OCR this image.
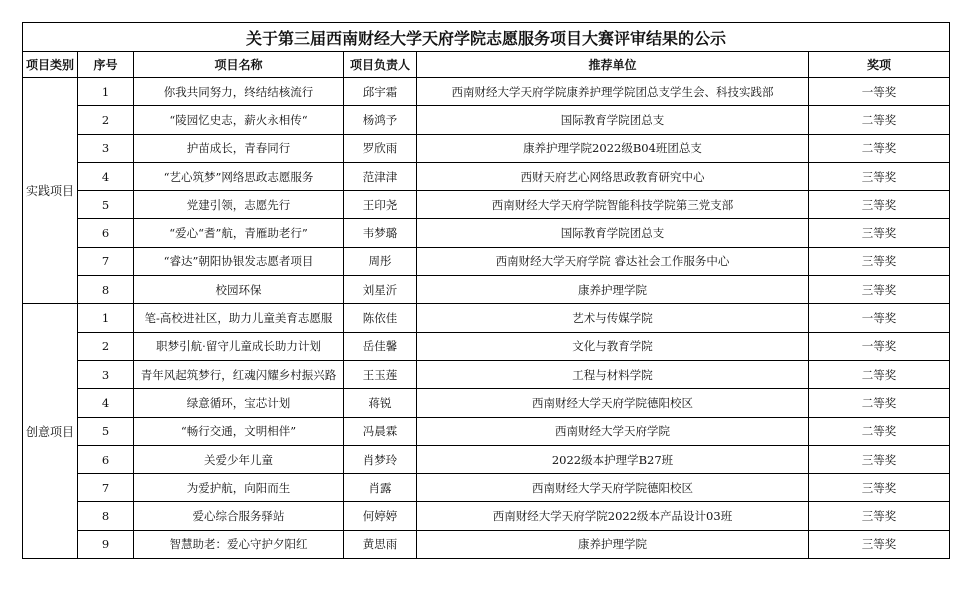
关于第三届西南财经大学天府学院志愿服务项目大赛评审结果的公示					
项目类别	序号	项目名称	项目负责人	推荐单位	奖项
实践项目	1	你我共同努力，终结结核流行	邱宇霜	西南财经大学天府学院康养护理学院团总支学生会、科技实践部	一等奖
	2	“陵园忆史志，薪火永相传“	杨鸿予	国际教育学院团总支	二等奖
	3	护苗成长，青春同行	罗欣雨	康养护理学院2022级B04班团总支	二等奖
	4	“艺心筑梦”网络思政志愿服务	范津津	西财天府艺心网络思政教育研究中心	三等奖
	5	党建引领，志愿先行	王印尧	西南财经大学天府学院智能科技学院第三党支部	三等奖
	6	“爱心“耆”航，青雁助老行”	韦梦璐	国际教育学院团总支	三等奖
	7	“睿达”朝阳协银发志愿者项目	周彤	西南财经大学天府学院 睿达社会工作服务中心	三等奖
	8	校园环保	刘星沂	康养护理学院	三等奖
创意项目	1	笔-高校进社区，助力儿童美育志愿服	陈依佳	艺术与传媒学院	一等奖
	2	职梦引航·留守儿童成长助力计划	岳佳馨	文化与教育学院	一等奖
	3	青年风起筑梦行，红魂闪耀乡村振兴路	王玉莲	工程与材料学院	二等奖
	4	绿意循环，宝芯计划	蒋锐	西南财经大学天府学院德阳校区	二等奖
	5	“畅行交通，文明相伴”	冯晨霖	西南财经大学天府学院	二等奖
	6	关爱少年儿童	肖梦玲	2022级本护理学B27班	三等奖
	7	为爱护航，向阳而生	肖露	西南财经大学天府学院德阳校区	三等奖
	8	爱心综合服务驿站	何婷婷	西南财经大学天府学院2022级本产品设计03班	三等奖
	9	智慧助老：爱心守护夕阳红	黄思雨	康养护理学院	三等奖
